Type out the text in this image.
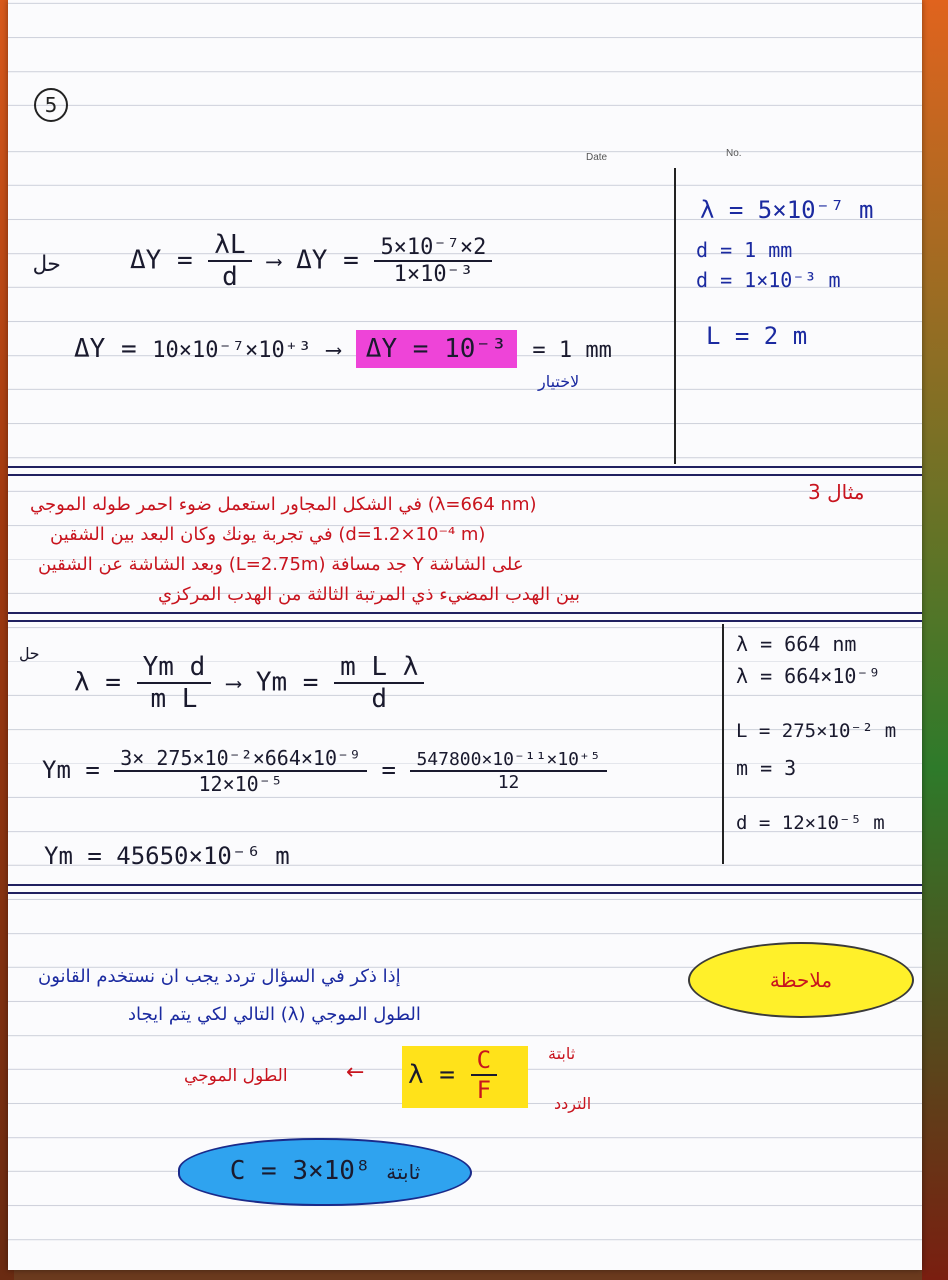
5
Date	No.
حل	$\Delta Y = \frac{\lambda L}{d}$ ⟶ $\Delta Y = \frac{\text{5×10⁻⁷×2}}{\text{1×10⁻³}}$
ΔY = 10×10⁻⁷×10⁺³ ⟶ ΔY = 10⁻³ = 1 mm
لاختيار
λ = 5×10⁻⁷ m
d = 1 mm
d = 1×10⁻³ m
L = 2 m
مثال 3
في الشكل المجاور استعمل ضوء احمر طوله الموجي (λ=664 nm)
في تجربة يونك وكان البعد بين الشقين (d=1.2×10⁻⁴ m)
وبعد الشاشة عن الشقين (L=2.75m) جد مسافة Y على الشاشة
بين الهدب المضيء ذي المرتبة الثالثة من الهدب المركزي
حل
$\lambda = \frac{\text{Ym d}}{\text{m L}}$ ⟶ $Ym = \frac{\text{m L λ}}{d}$
$Ym = \frac{\text{3× 275×10⁻²×664×10⁻⁹}}{\text{12×10⁻⁵}} = \frac{\text{547800×10⁻¹¹×10⁺⁵}}{12}$
Ym = 45650×10⁻⁶ m
λ = 664 nm
λ = 664×10⁻⁹
L = 275×10⁻² m
m = 3
d = 12×10⁻⁵ m
ملاحظة
إذا ذكر في السؤال تردد يجب ان نستخدم القانون
التالي لكي يتم ايجاد (λ) الطول الموجي
الطول الموجي	← $\lambda = \frac{C}{F}$	ثابتة
التردد
C = 3×10⁸ ثابتة
